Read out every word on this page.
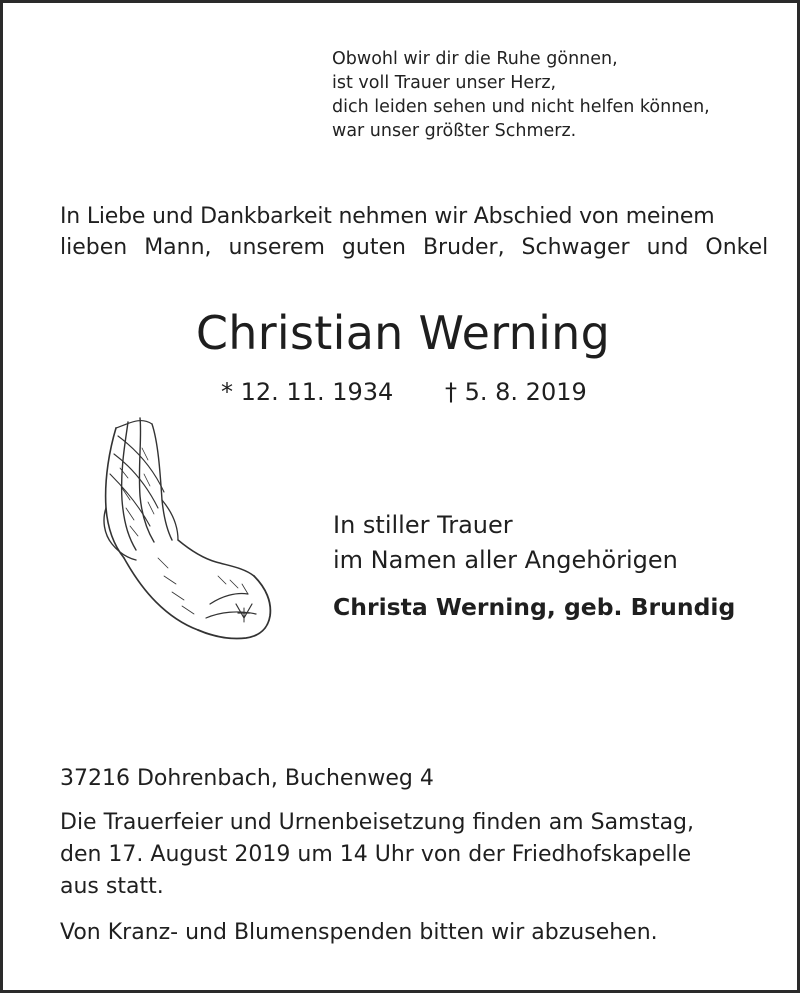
Obwohl wir dir die Ruhe gönnen,
ist voll Trauer unser Herz,
dich leiden sehen und nicht helfen können,
war unser größter Schmerz.
In Liebe und Dankbarkeit nehmen wir Abschied von meinem
lieben Mann, unserem guten Bruder, Schwager und Onkel
Christian Werning
* 12. 11. 1934 † 5. 8. 2019
In stiller Trauer
im Namen aller Angehörigen
Christa Werning, geb. Brundig
37216 Dohrenbach, Buchenweg 4
Die Trauerfeier und Urnenbeisetzung finden am Samstag,
den 17. August 2019 um 14 Uhr von der Friedhofskapelle
aus statt.
Von Kranz- und Blumenspenden bitten wir abzusehen.
